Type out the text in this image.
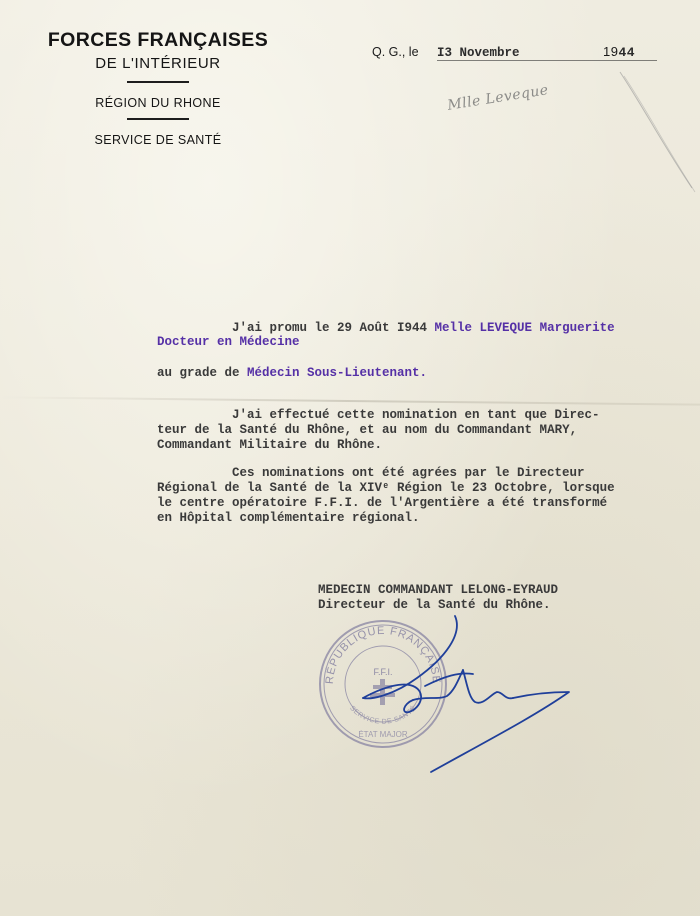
FORCES FRANÇAISES
DE L'INTÉRIEUR
RÉGION DU RHONE
SERVICE DE SANTÉ
Q. G., le I3 Novembre	1944
Mlle Leveque
J'ai promu le 29 Août I944 Melle LEVEQUE Marguerite
Docteur en Médecine
au grade de Médecin Sous-Lieutenant.
J'ai effectué cette nomination en tant que Direc-
teur de la Santé du Rhône, et au nom du Commandant MARY,
Commandant Militaire du Rhône.
Ces nominations ont été agrées par le Directeur
Régional de la Santé de la XIVᵉ Région le 23 Octobre, lorsque
le centre opératoire F.F.I. de l'Argentière a été transformé
en Hôpital complémentaire régional.
MEDECIN COMMANDANT LELONG-EYRAUD
Directeur de la Santé du Rhône.
RÉPUBLIQUE FRANÇAISE
F.F.I.
SERVICE DE SANTÉ
ÉTAT MAJOR
